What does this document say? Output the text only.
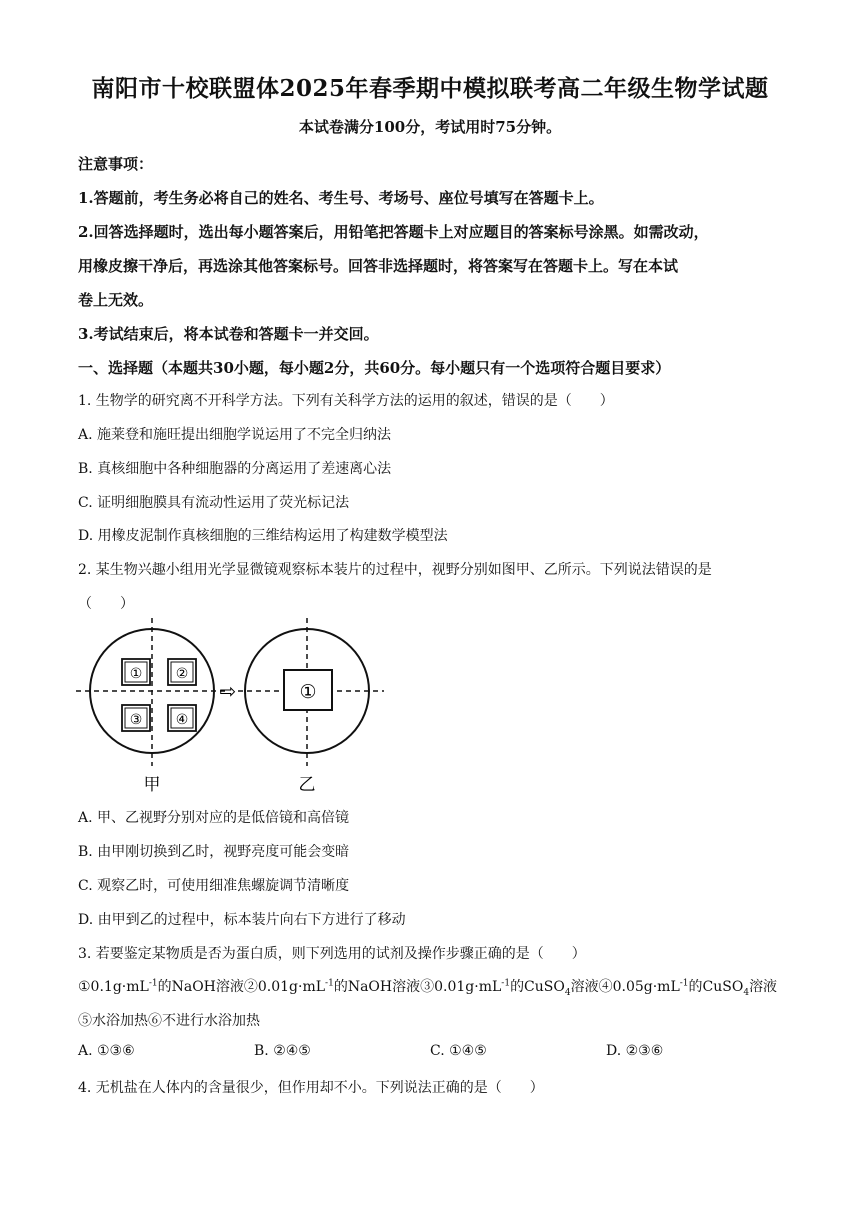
南阳市十校联盟体2025年春季期中模拟联考高二年级生物学试题
本试卷满分100分，考试用时75分钟。
注意事项：
1.答题前，考生务必将自己的姓名、考生号、考场号、座位号填写在答题卡上。
2.回答选择题时，选出每小题答案后，用铅笔把答题卡上对应题目的答案标号涂黑。如需改动，
用橡皮擦干净后，再选涂其他答案标号。回答非选择题时，将答案写在答题卡上。写在本试
卷上无效。
3.考试结束后，将本试卷和答题卡一并交回。
一、选择题（本题共30小题，每小题2分，共60分。每小题只有一个选项符合题目要求）
1. 生物学的研究离不开科学方法。下列有关科学方法的运用的叙述，错误的是（　　）
A. 施莱登和施旺提出细胞学说运用了不完全归纳法
B. 真核细胞中各种细胞器的分离运用了差速离心法
C. 证明细胞膜具有流动性运用了荧光标记法
D. 用橡皮泥制作真核细胞的三维结构运用了构建数学模型法
2. 某生物兴趣小组用光学显微镜观察标本装片的过程中，视野分别如图甲、乙所示。下列说法错误的是
（　　）
① ②
③ ④
甲
⇨	①
乙
A. 甲、乙视野分别对应的是低倍镜和高倍镜
B. 由甲刚切换到乙时，视野亮度可能会变暗
C. 观察乙时，可使用细准焦螺旋调节清晰度
D. 由甲到乙的过程中，标本装片向右下方进行了移动
3. 若要鉴定某物质是否为蛋白质，则下列选用的试剂及操作步骤正确的是（　　）
$①0.1g\cdot mL^{-1}$的NaOH溶液$②0.01g\cdot mL^{-1}$的NaOH溶液$③0.01g\cdot mL^{-1}$的CuSO$_4$溶液$④0.05g\cdot mL^{-1}$的CuSO$_4$溶液
⑤水浴加热⑥不进行水浴加热
A. ①③⑥	B. ②④⑤	C. ①④⑤	D. ②③⑥
4. 无机盐在人体内的含量很少，但作用却不小。下列说法正确的是（　　）
